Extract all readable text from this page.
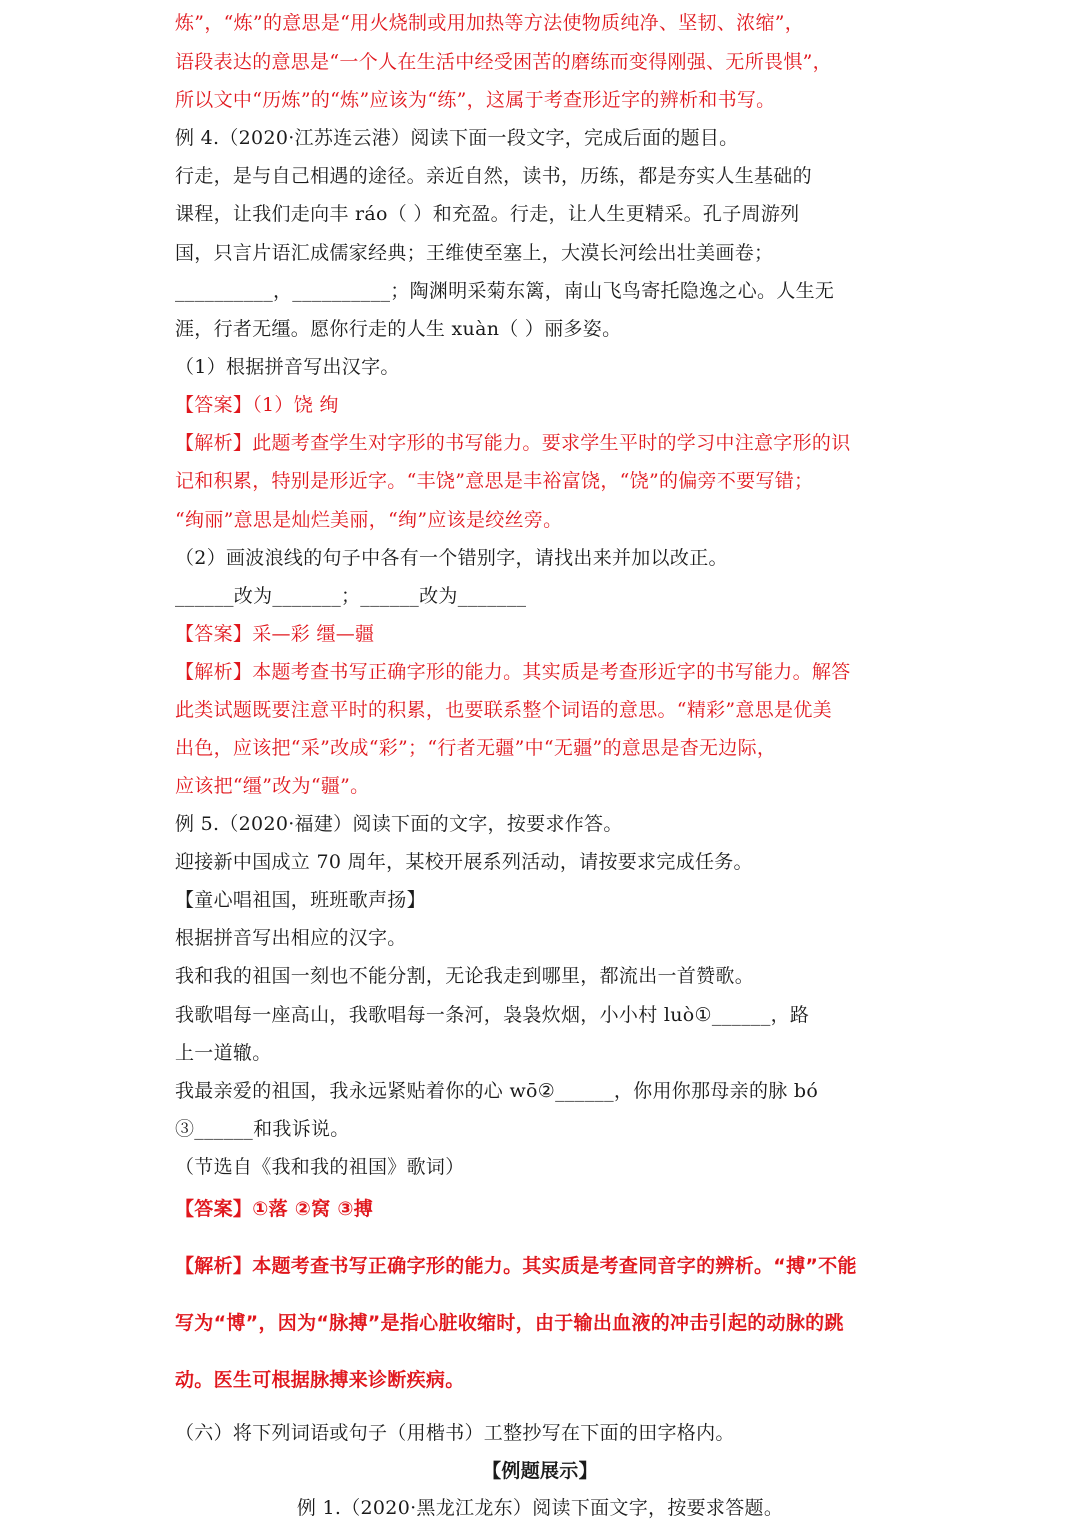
炼”，“炼”的意思是“用火烧制或用加热等方法使物质纯净、坚韧、浓缩”，
语段表达的意思是“一个人在生活中经受困苦的磨练而变得刚强、无所畏惧”，
所以文中“历炼”的“炼”应该为“练”，这属于考查形近字的辨析和书写。
例 4.（2020·江苏连云港）阅读下面一段文字，完成后面的题目。
行走，是与自己相遇的途径。亲近自然，读书，历练，都是夯实人生基础的
课程，让我们走向丰 ráo（ ）和充盈。行走，让人生更精采。孔子周游列
国，只言片语汇成儒家经典；王维使至塞上，大漠长河绘出壮美画卷；
__________，__________；陶渊明采菊东篱，南山飞鸟寄托隐逸之心。人生无
涯，行者无缰。愿你行走的人生 xuàn（ ）丽多姿。
（1）根据拼音写出汉字。
【答案】（1）饶 绚
【解析】此题考查学生对字形的书写能力。要求学生平时的学习中注意字形的识
记和积累，特别是形近字。“丰饶”意思是丰裕富饶，“饶”的偏旁不要写错；
“绚丽”意思是灿烂美丽，“绚”应该是绞丝旁。
（2）画波浪线的句子中各有一个错别字，请找出来并加以改正。
______改为_______；______改为_______
【答案】采—彩 缰—疆
【解析】本题考查书写正确字形的能力。其实质是考查形近字的书写能力。解答
此类试题既要注意平时的积累，也要联系整个词语的意思。“精彩”意思是优美
出色，应该把“采”改成“彩”；“行者无疆”中“无疆”的意思是杳无边际，
应该把“缰”改为“疆”。
例 5.（2020·福建）阅读下面的文字，按要求作答。
迎接新中国成立 70 周年，某校开展系列活动，请按要求完成任务。
【童心唱祖国，班班歌声扬】
根据拼音写出相应的汉字。
我和我的祖国一刻也不能分割，无论我走到哪里，都流出一首赞歌。
我歌唱每一座高山，我歌唱每一条河，袅袅炊烟，小小村 luò①______，路
上一道辙。
我最亲爱的祖国，我永远紧贴着你的心 wō②______，你用你那母亲的脉 bó
③______和我诉说。
（节选自《我和我的祖国》歌词）
【答案】①落 ②窝 ③搏
【解析】本题考查书写正确字形的能力。其实质是考查同音字的辨析。“搏”不能
写为“博”，因为“脉搏”是指心脏收缩时，由于输出血液的冲击引起的动脉的跳
动。医生可根据脉搏来诊断疾病。
（六）将下列词语或句子（用楷书）工整抄写在下面的田字格内。
【例题展示】
例 1.（2020·黑龙江龙东）阅读下面文字，按要求答题。
